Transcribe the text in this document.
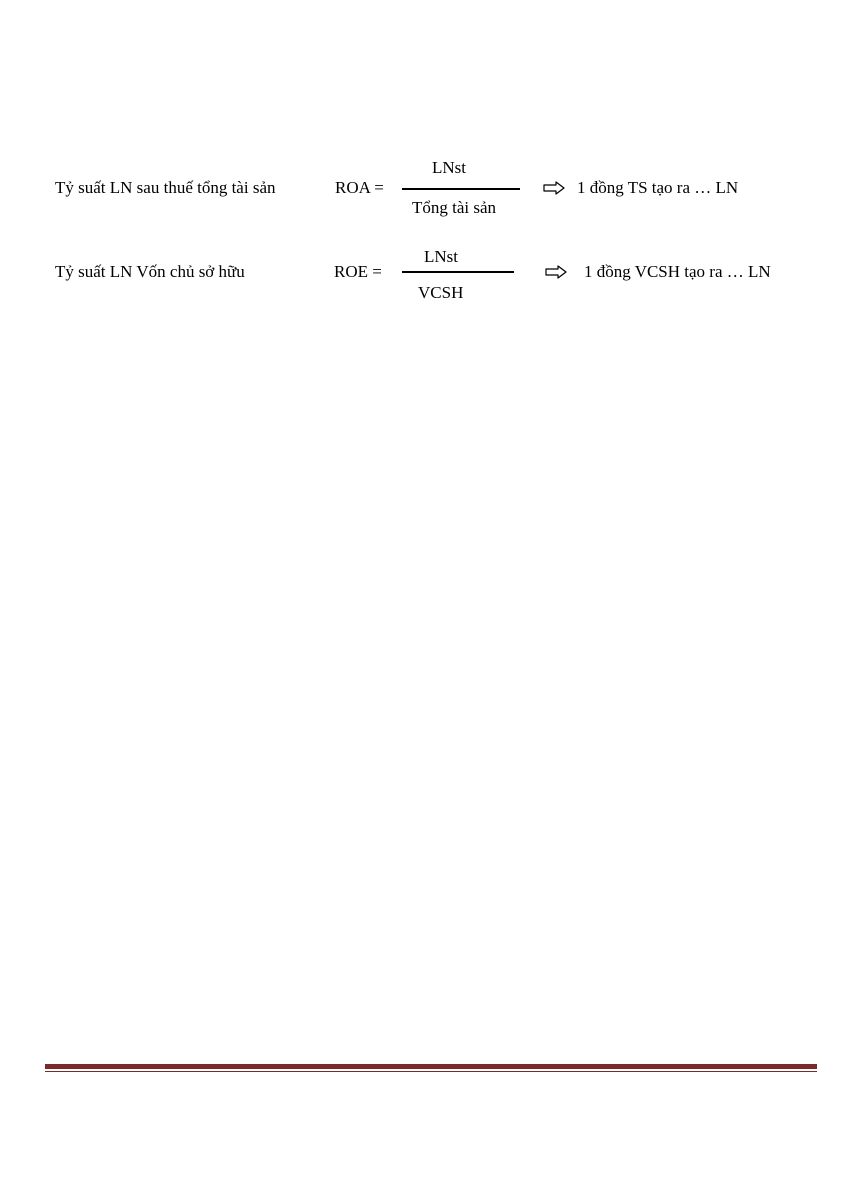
Tỷ suất LN sau thuế tổng tài sản	ROA =
LNst
Tổng tài sản
1 đồng TS tạo ra … LN
Tỷ suất LN Vốn chủ sở hữu	ROE =
LNst
VCSH
1 đồng VCSH tạo ra … LN
